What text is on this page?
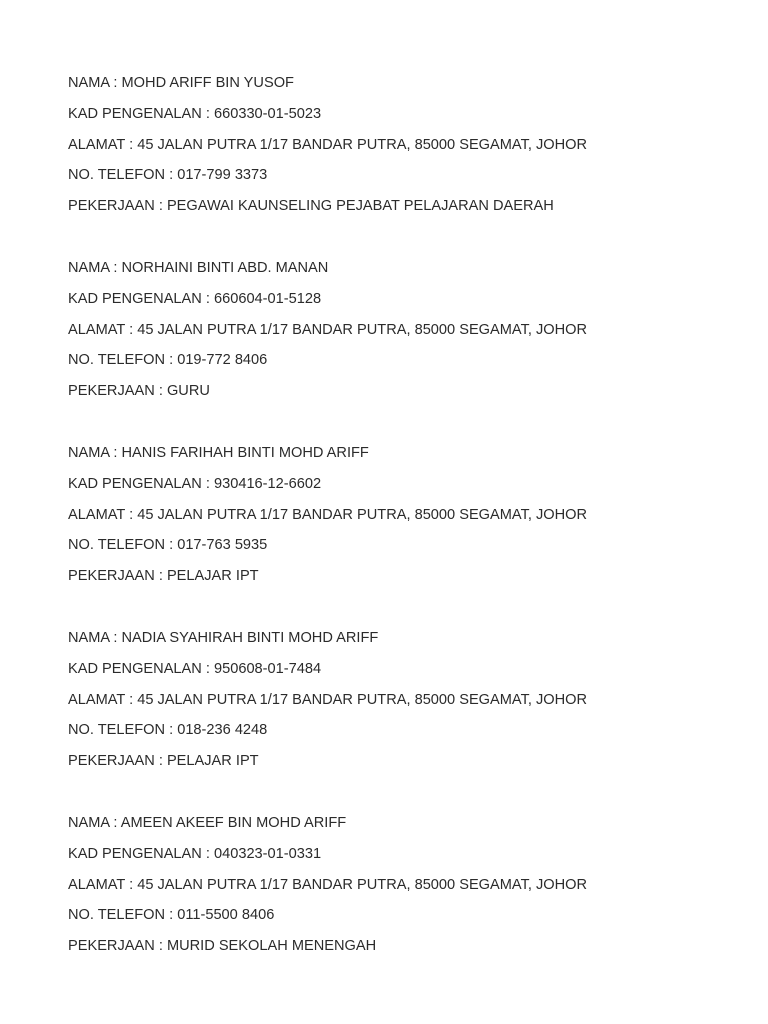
NAMA : MOHD ARIFF BIN YUSOF
KAD PENGENALAN : 660330-01-5023
ALAMAT : 45 JALAN PUTRA 1/17 BANDAR PUTRA, 85000 SEGAMAT, JOHOR
NO. TELEFON : 017-799 3373
PEKERJAAN : PEGAWAI KAUNSELING PEJABAT PELAJARAN DAERAH
NAMA : NORHAINI BINTI ABD. MANAN
KAD PENGENALAN : 660604-01-5128
ALAMAT : 45 JALAN PUTRA 1/17 BANDAR PUTRA, 85000 SEGAMAT, JOHOR
NO. TELEFON : 019-772 8406
PEKERJAAN : GURU
NAMA : HANIS FARIHAH BINTI MOHD ARIFF
KAD PENGENALAN : 930416-12-6602
ALAMAT : 45 JALAN PUTRA 1/17 BANDAR PUTRA, 85000 SEGAMAT, JOHOR
NO. TELEFON : 017-763 5935
PEKERJAAN : PELAJAR IPT
NAMA : NADIA SYAHIRAH BINTI MOHD ARIFF
KAD PENGENALAN : 950608-01-7484
ALAMAT : 45 JALAN PUTRA 1/17 BANDAR PUTRA, 85000 SEGAMAT, JOHOR
NO. TELEFON : 018-236 4248
PEKERJAAN : PELAJAR IPT
NAMA : AMEEN AKEEF BIN MOHD ARIFF
KAD PENGENALAN : 040323-01-0331
ALAMAT : 45 JALAN PUTRA 1/17 BANDAR PUTRA, 85000 SEGAMAT, JOHOR
NO. TELEFON : 011-5500 8406
PEKERJAAN : MURID SEKOLAH MENENGAH
